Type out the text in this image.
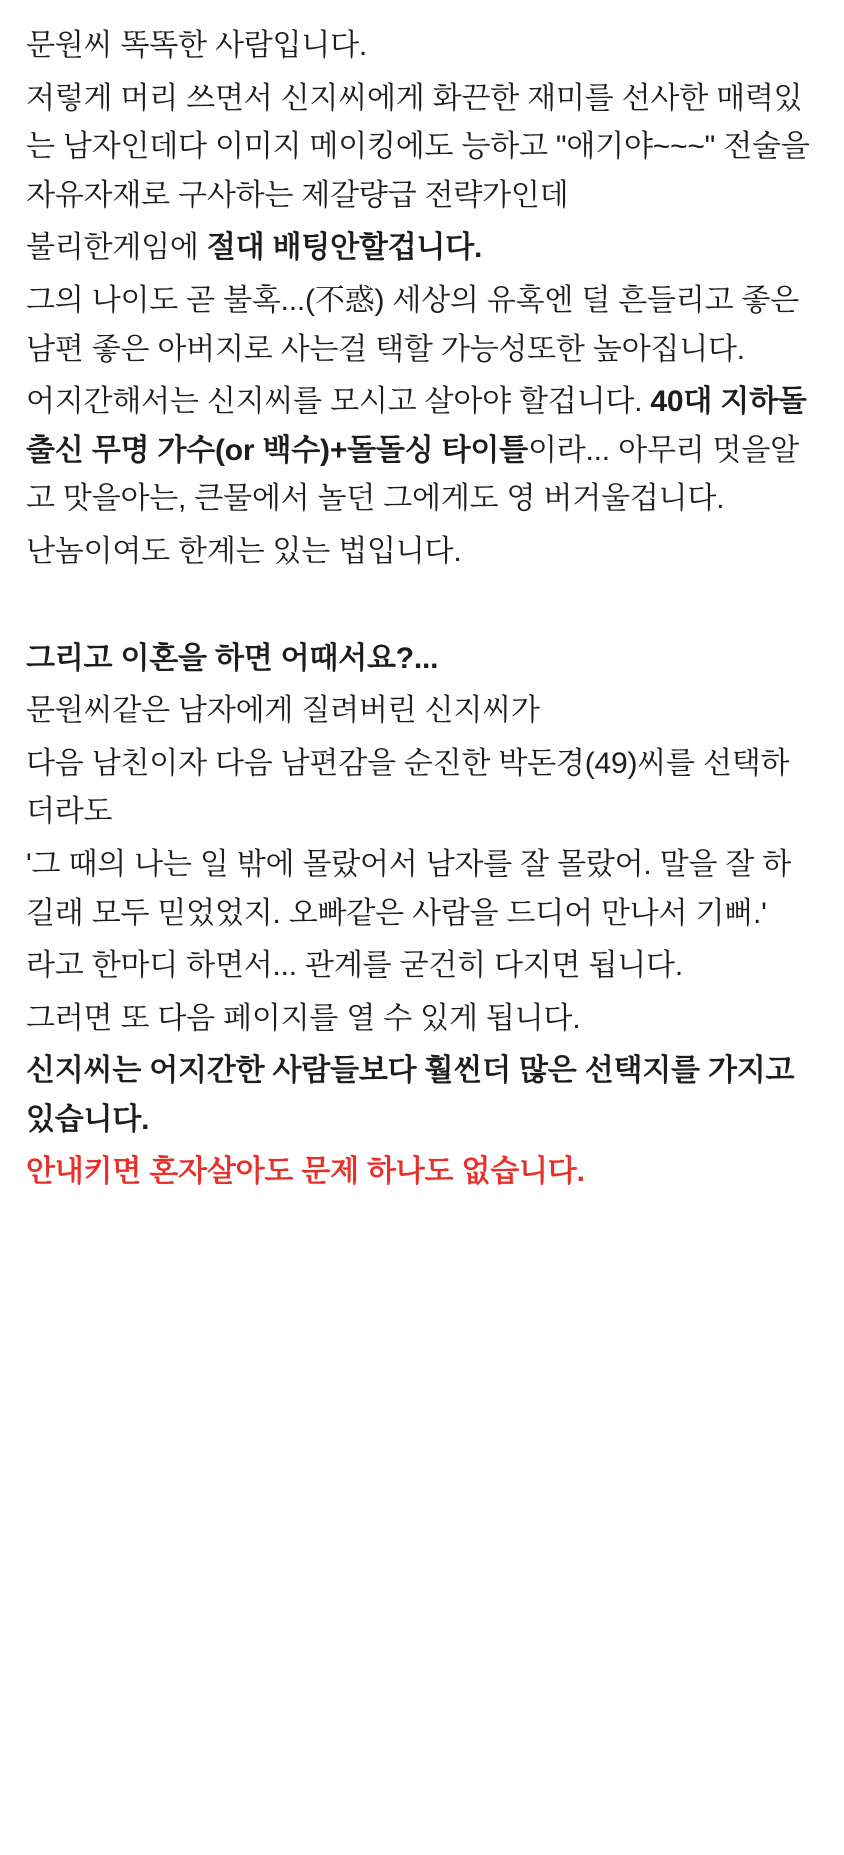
문원씨 똑똑한 사람입니다.
저렇게 머리 쓰면서 신지씨에게 화끈한 재미를 선사한 매력있는 남자인데다 이미지 메이킹에도 능하고 "애기야~~~" 전술을 자유자재로 구사하는 제갈량급 전략가인데
불리한게임에 절대 배팅안할겁니다.
그의 나이도 곧 불혹...(不惑) 세상의 유혹엔 덜 흔들리고 좋은 남편 좋은 아버지로 사는걸 택할 가능성또한 높아집니다.
어지간해서는 신지씨를 모시고 살아야 할겁니다. 40대 지하돌출신 무명 가수(or 백수)+돌돌싱 타이틀이라... 아무리 멋을알고 맛을아는, 큰물에서 놀던 그에게도 영 버거울겁니다.
난놈이여도 한계는 있는 법입니다.
그리고 이혼을 하면 어때서요?...
문원씨같은 남자에게 질려버린 신지씨가
다음 남친이자 다음 남편감을 순진한 박돈경(49)씨를 선택하더라도
'그 때의 나는 일 밖에 몰랐어서 남자를 잘 몰랐어. 말을 잘 하길래 모두 믿었었지. 오빠같은 사람을 드디어 만나서 기뻐.'
라고 한마디 하면서... 관계를 굳건히 다지면 됩니다.
그러면 또 다음 페이지를 열 수 있게 됩니다.
신지씨는 어지간한 사람들보다 훨씬더 많은 선택지를 가지고있습니다.
안내키면 혼자살아도 문제 하나도 없습니다.
